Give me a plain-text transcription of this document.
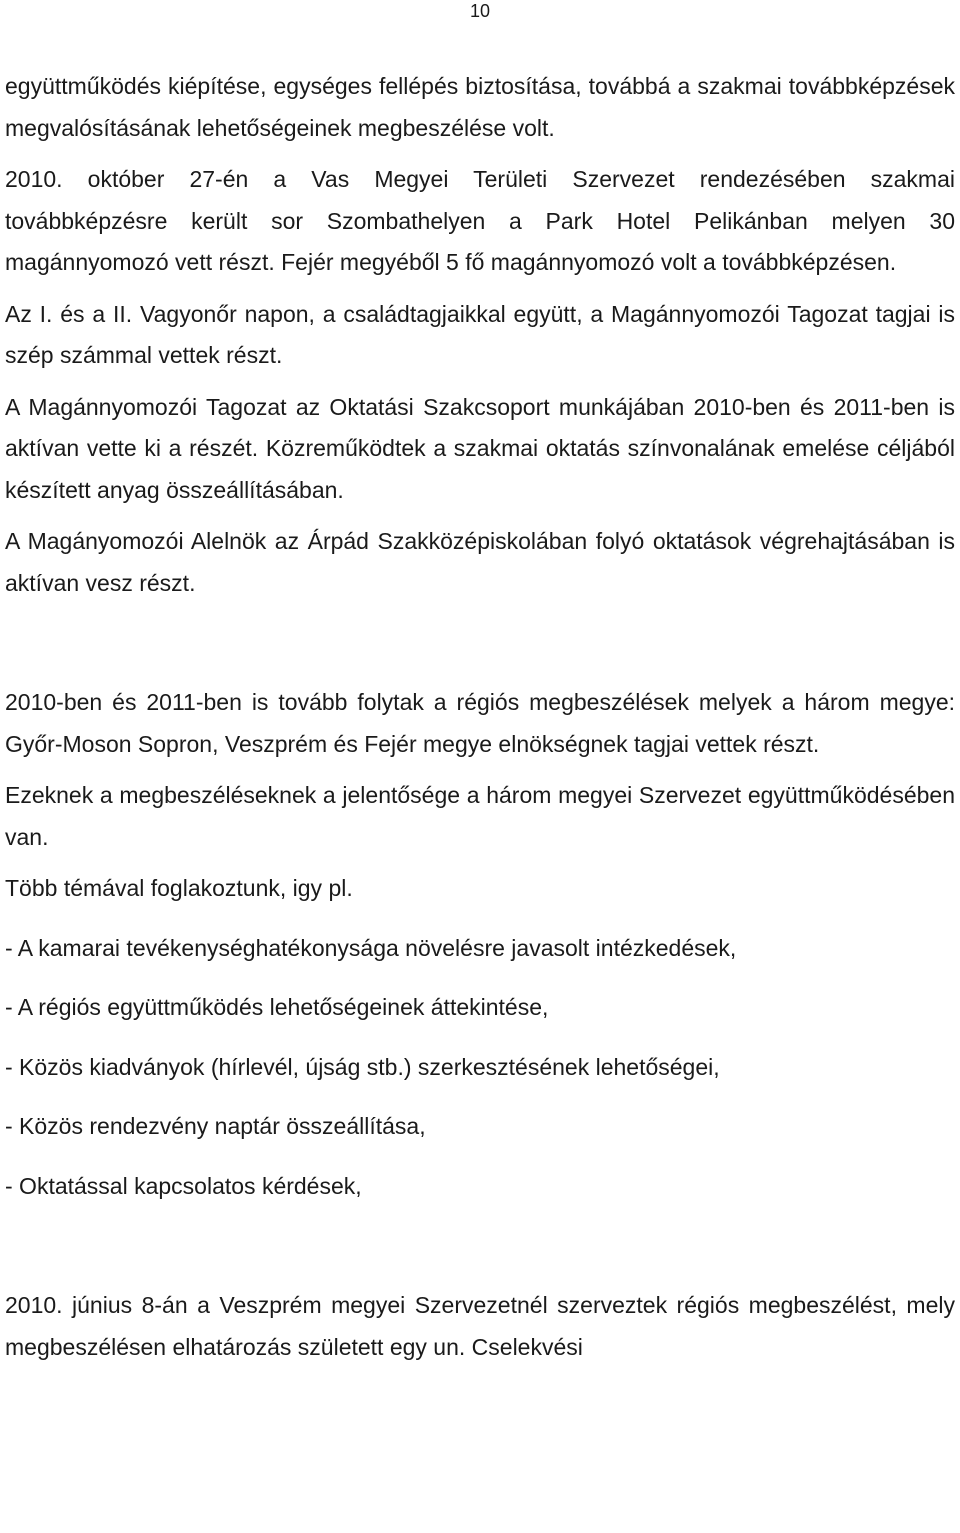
10

együttműködés kiépítése, egységes fellépés biztosítása, továbbá a szakmai továbbképzések megvalósításának lehetőségeinek megbeszélése volt.

2010. október 27-én a Vas Megyei Területi Szervezet rendezésében szakmai továbbképzésre került sor Szombathelyen a Park Hotel Pelikánban melyen 30 magánnyomozó vett részt. Fejér megyéből 5 fő magánnyomozó volt a továbbképzésen.

Az I. és a II. Vagyonőr napon, a családtagjaikkal együtt, a Magánnyomozói Tagozat tagjai is szép számmal vettek részt.

A Magánnyomozói Tagozat az Oktatási Szakcsoport munkájában 2010-ben és 2011-ben is aktívan vette ki a részét. Közreműködtek a szakmai oktatás színvonalának emelése céljából készített anyag összeállításában.

A Magányomozói Alelnök az Árpád Szakközépiskolában folyó oktatások végrehajtásában is aktívan vesz részt.

2010-ben és 2011-ben is tovább folytak a régiós megbeszélések melyek a három megye: Győr-Moson Sopron, Veszprém és Fejér megye elnökségnek tagjai vettek részt.

Ezeknek a megbeszéléseknek a jelentősége a három megyei Szervezet együttműködésében van.

Több témával foglakoztunk, igy pl.

- A kamarai tevékenységhatékonysága növelésre javasolt intézkedések,

- A régiós együttműködés lehetőségeinek áttekintése,

- Közös kiadványok (hírlevél, újság stb.) szerkesztésének lehetőségei,

- Közös rendezvény naptár összeállítása,

- Oktatással kapcsolatos kérdések,

2010. június 8-án a Veszprém megyei Szervezetnél szerveztek régiós megbeszélést, mely megbeszélésen elhatározás született egy un. Cselekvési
